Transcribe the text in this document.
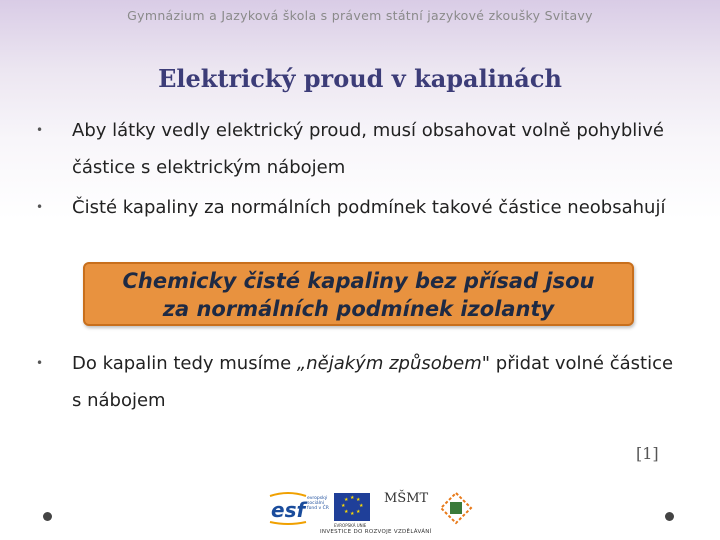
Gymnázium a Jazyková škola s právem státní jazykové zkoušky Svitavy
Elektrický proud v kapalinách
•	Aby látky vedly elektrický proud, musí obsahovat volně pohyblivé částice s elektrickým nábojem
•	Čisté kapaliny za normálních podmínek takové částice neobsahují
Chemicky čisté kapaliny bez přísad jsou
za normálních podmínek izolanty
•	Do kapalin tedy musíme „nějakým způsobem" přidat volné částice s nábojem
[1]
esf evropský sociální fond v ČR
★ ★
★
★
★
★
★
★
EVROPSKÁ UNIE
MŠMT
INVESTICE DO ROZVOJE VZDĚLÁVÁNÍ
